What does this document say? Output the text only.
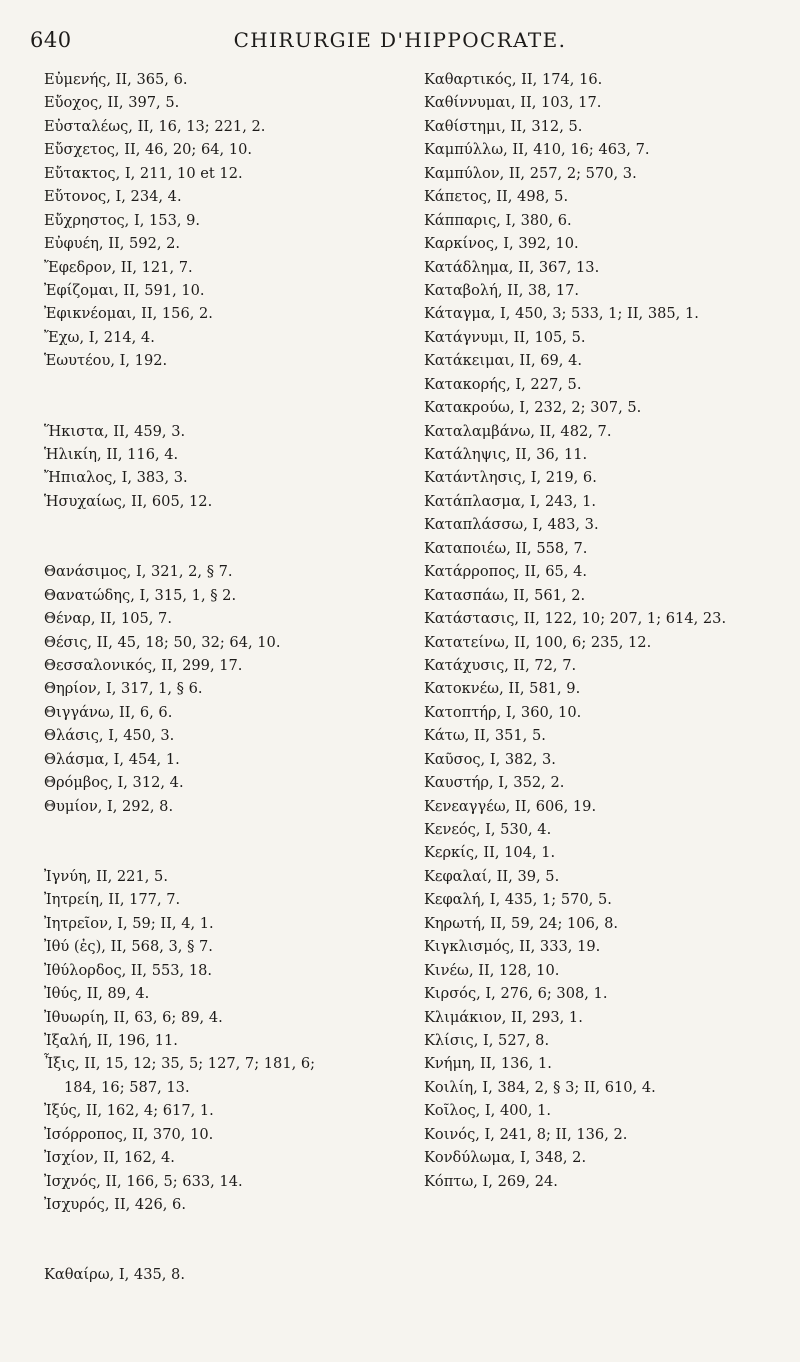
640	CHIRURGIE D'HIPPOCRATE.
Εὐμενής, II, 365, 6.
Εὔοχος, II, 397, 5.
Εὐσταλέως, II, 16, 13; 221, 2.
Εὔσχετος, II, 46, 20; 64, 10.
Εὔτακτος, I, 211, 10 et 12.
Εὔτονος, I, 234, 4.
Εὔχρηστος, I, 153, 9.
Εὐφυέη, II, 592, 2.
Ἔφεδρον, II, 121, 7.
Ἐφίζομαι, II, 591, 10.
Ἐφικνέομαι, II, 156, 2.
Ἔχω, I, 214, 4.
Ἑωυτέου, I, 192.
Ἥκιστα, II, 459, 3.
Ἡλικίη, II, 116, 4.
Ἤπιαλος, I, 383, 3.
Ἡσυχαίως, II, 605, 12.
Θανάσιμος, I, 321, 2, § 7.
Θανατώδης, I, 315, 1, § 2.
Θέναρ, II, 105, 7.
Θέσις, II, 45, 18; 50, 32; 64, 10.
Θεσσαλονικός, II, 299, 17.
Θηρίον, I, 317, 1, § 6.
Θιγγάνω, II, 6, 6.
Θλάσις, I, 450, 3.
Θλάσμα, I, 454, 1.
Θρόμβος, I, 312, 4.
Θυμίον, I, 292, 8.
Ἰγνύη, II, 221, 5.
Ἰητρείη, II, 177, 7.
Ἰητρεῖον, I, 59; II, 4, 1.
Ἰθύ (ἐς), II, 568, 3, § 7.
Ἰθύλορδος, II, 553, 18.
Ἰθύς, II, 89, 4.
Ἰθυωρίη, II, 63, 6; 89, 4.
Ἰξαλή, II, 196, 11.
Ἶξις, II, 15, 12; 35, 5; 127, 7; 181, 6;
184, 16; 587, 13.
Ἰξύς, II, 162, 4; 617, 1.
Ἰσόρροπος, II, 370, 10.
Ἰσχίον, II, 162, 4.
Ἰσχνός, II, 166, 5; 633, 14.
Ἰσχυρός, II, 426, 6.
Καθαίρω, I, 435, 8.
Καθαρτικός, II, 174, 16.
Καθίννυμαι, II, 103, 17.
Καθίστημι, II, 312, 5.
Καμπύλλω, II, 410, 16; 463, 7.
Καμπύλον, II, 257, 2; 570, 3.
Κάπετος, II, 498, 5.
Κάππαρις, I, 380, 6.
Καρκίνος, I, 392, 10.
Κατάδλημα, II, 367, 13.
Καταβολή, II, 38, 17.
Κάταγμα, I, 450, 3; 533, 1; II, 385, 1.
Κατάγνυμι, II, 105, 5.
Κατάκειμαι, II, 69, 4.
Κατακορής, I, 227, 5.
Κατακρούω, I, 232, 2; 307, 5.
Καταλαμβάνω, II, 482, 7.
Κατάληψις, II, 36, 11.
Κατάντλησις, I, 219, 6.
Κατάπλασμα, I, 243, 1.
Καταπλάσσω, I, 483, 3.
Καταποιέω, II, 558, 7.
Κατάρροπος, II, 65, 4.
Κατασπάω, II, 561, 2.
Κατάστασις, II, 122, 10; 207, 1; 614, 23.
Κατατείνω, II, 100, 6; 235, 12.
Κατάχυσις, II, 72, 7.
Κατοκνέω, II, 581, 9.
Κατοπτήρ, I, 360, 10.
Κάτω, II, 351, 5.
Καῦσος, I, 382, 3.
Καυστήρ, I, 352, 2.
Κενεαγγέω, II, 606, 19.
Κενεός, I, 530, 4.
Κερκίς, II, 104, 1.
Κεφαλαί, II, 39, 5.
Κεφαλή, I, 435, 1; 570, 5.
Κηρωτή, II, 59, 24; 106, 8.
Κιγκλισμός, II, 333, 19.
Κινέω, II, 128, 10.
Κιρσός, I, 276, 6; 308, 1.
Κλιμάκιον, II, 293, 1.
Κλίσις, I, 527, 8.
Κνήμη, II, 136, 1.
Κοιλίη, I, 384, 2, § 3; II, 610, 4.
Κοῖλος, I, 400, 1.
Κοινός, I, 241, 8; II, 136, 2.
Κονδύλωμα, I, 348, 2.
Κόπτω, I, 269, 24.
